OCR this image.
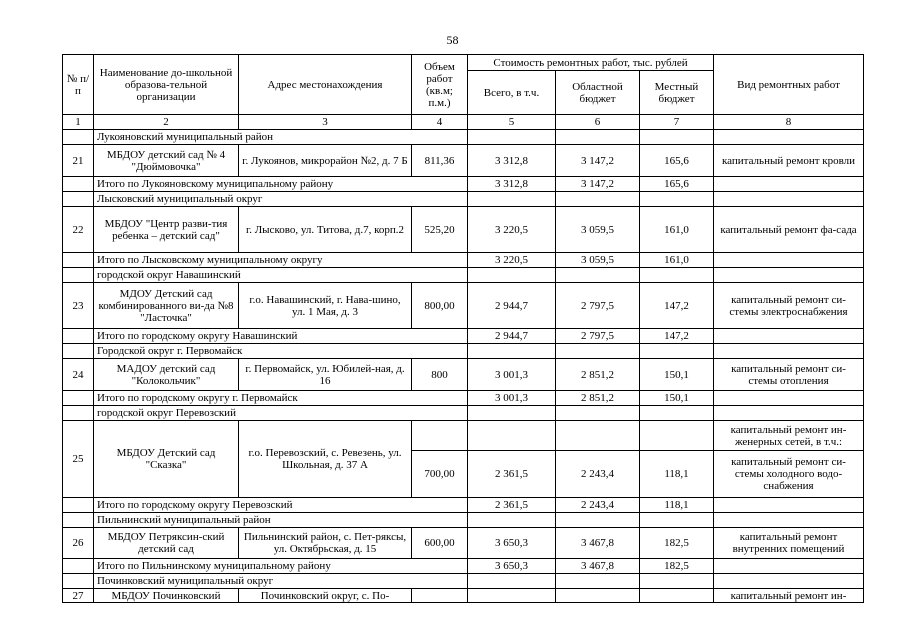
58
№ п/п	Наименование до-школьной образова-тельной организации	Адрес местонахождения	Объем работ (кв.м; п.м.)	Стоимость ремонтных работ, тыс. рублей			Вид ремонтных работ
				Всего, в т.ч.	Областной бюджет	Местный бюджет	
1	2	3	4	5	6	7	8
	Лукояновский муниципальный район						
21	МБДОУ детский сад № 4 "Дюймовочка"	г. Лукоянов, микрорайон №2, д. 7 Б	811,36	3 312,8	3 147,2	165,6	капитальный ремонт кровли
	Итого по Лукояновскому муниципальному району			3 312,8	3 147,2	165,6	
	Лысковский муниципальный округ						
22	МБДОУ "Центр разви-тия ребенка – детский сад"	г. Лысково, ул. Титова, д.7, корп.2	525,20	3 220,5	3 059,5	161,0	капитальный ремонт фа-сада
	Итого по Лысковскому муниципальному округу			3 220,5	3 059,5	161,0	
	городской округ Навашинский						
23	МДОУ Детский сад комбинированного ви-да №8 "Ласточка"	г.о. Навашинский, г. Нава-шино, ул. 1 Мая, д. 3	800,00	2 944,7	2 797,5	147,2	капитальный ремонт си-стемы электроснабжения
	Итого по городскому округу Навашинский			2 944,7	2 797,5	147,2	
	Городской округ г. Первомайск						
24	МАДОУ детский сад "Колокольчик"	г. Первомайск, ул. Юбилей-ная, д. 16	800	3 001,3	2 851,2	150,1	капитальный ремонт си-стемы отопления
	Итого по городскому округу г. Первомайск			3 001,3	2 851,2	150,1	
	городской округ Перевозский						
25	МБДОУ Детский сад "Сказка"	г.о. Перевозский, с. Ревезень, ул. Школьная, д. 37 А					капитальный ремонт ин-женерных сетей, в т.ч.:
			700,00	2 361,5	2 243,4	118,1	капитальный ремонт си-стемы холодного водо-снабжения
	Итого по городскому округу Перевозский			2 361,5	2 243,4	118,1	
	Пильнинский муниципальный район						
26	МБДОУ Петряксин-ский детский сад	Пильнинский район, с. Пет-ряксы, ул. Октябрьская, д. 15	600,00	3 650,3	3 467,8	182,5	капитальный ремонт внутренних помещений
	Итого по Пильнинскому муниципальному району			3 650,3	3 467,8	182,5	
	Починковский муниципальный округ						
27	МБДОУ Починковский	Починковский округ, с. По-					капитальный ремонт ин-
